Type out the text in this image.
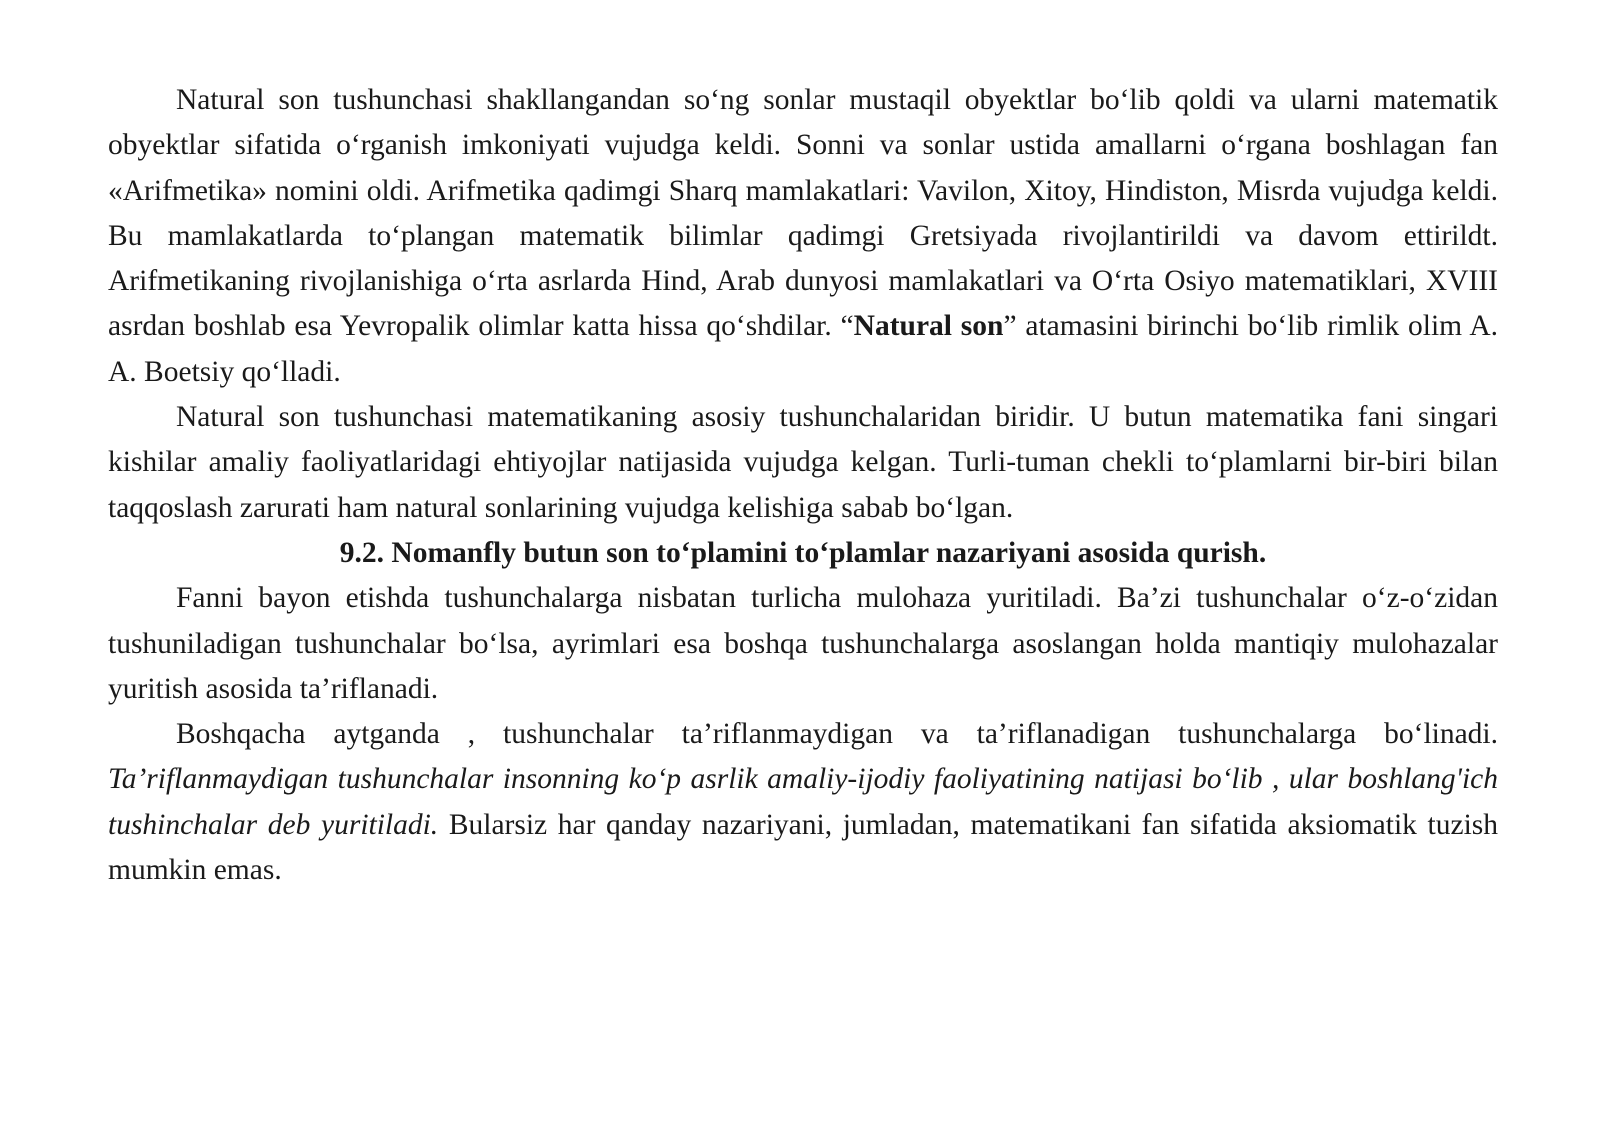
Natural son tushunchasi shakllangandan so‘ng sonlar mustaqil obyektlar bo‘lib qoldi va ularni matematik obyektlar sifatida o‘rganish imkoniyati vujudga keldi. Sonni va sonlar ustida amallarni o‘rgana boshlagan fan «Arifmetika» nomini oldi. Arifmetika qadimgi Sharq mamlakatlari: Vavilon, Xitoy, Hindiston, Misrda vujudga keldi. Bu mamlakatlarda to‘plangan matematik bilimlar qadimgi Gretsiyada rivojlantirildi va davom ettirildt. Arifmetikaning rivojlanishiga o‘rta asrlarda Hind, Arab dunyosi mamlakatlari va O‘rta Osiyo matematiklari, XVIII asrdan boshlab esa Yevropalik olimlar katta hissa qo‘shdilar. “Natural son” atamasini birinchi bo‘lib rimlik olim A. A. Boetsiy qo‘lladi.

Natural son tushunchasi matematikaning asosiy tushunchalaridan biridir. U butun matematika fani singari kishilar amaliy faoliyatlaridagi ehtiyojlar natijasida vujudga kelgan. Turli-tuman chekli to‘plamlarni bir-biri bilan taqqoslash zarurati ham natural sonlarining vujudga kelishiga sabab bo‘lgan.

9.2. Nomanfly butun son to‘plamini to‘plamlar nazariyani asosida qurish.

Fanni bayon etishda tushunchalarga nisbatan turlicha mulohaza yuritiladi. Ba’zi tushunchalar o‘z-o‘zidan tushuniladigan tushunchalar bo‘lsa, ayrimlari esa boshqa tushunchalarga asoslangan holda mantiqiy mulohazalar yuritish asosida ta’riflanadi.

Boshqacha aytganda , tushunchalar ta’riflanmaydigan va ta’riflanadigan tushunchalarga bo‘linadi. Ta’riflanmaydigan tushunchalar insonning ko‘p asrlik amaliy-ijodiy faoliyatining natijasi bo‘lib , ular boshlang'ich tushinchalar deb yuritiladi. Bularsiz har qanday nazariyani, jumladan, matematikani fan sifatida aksiomatik tuzish mumkin emas.
